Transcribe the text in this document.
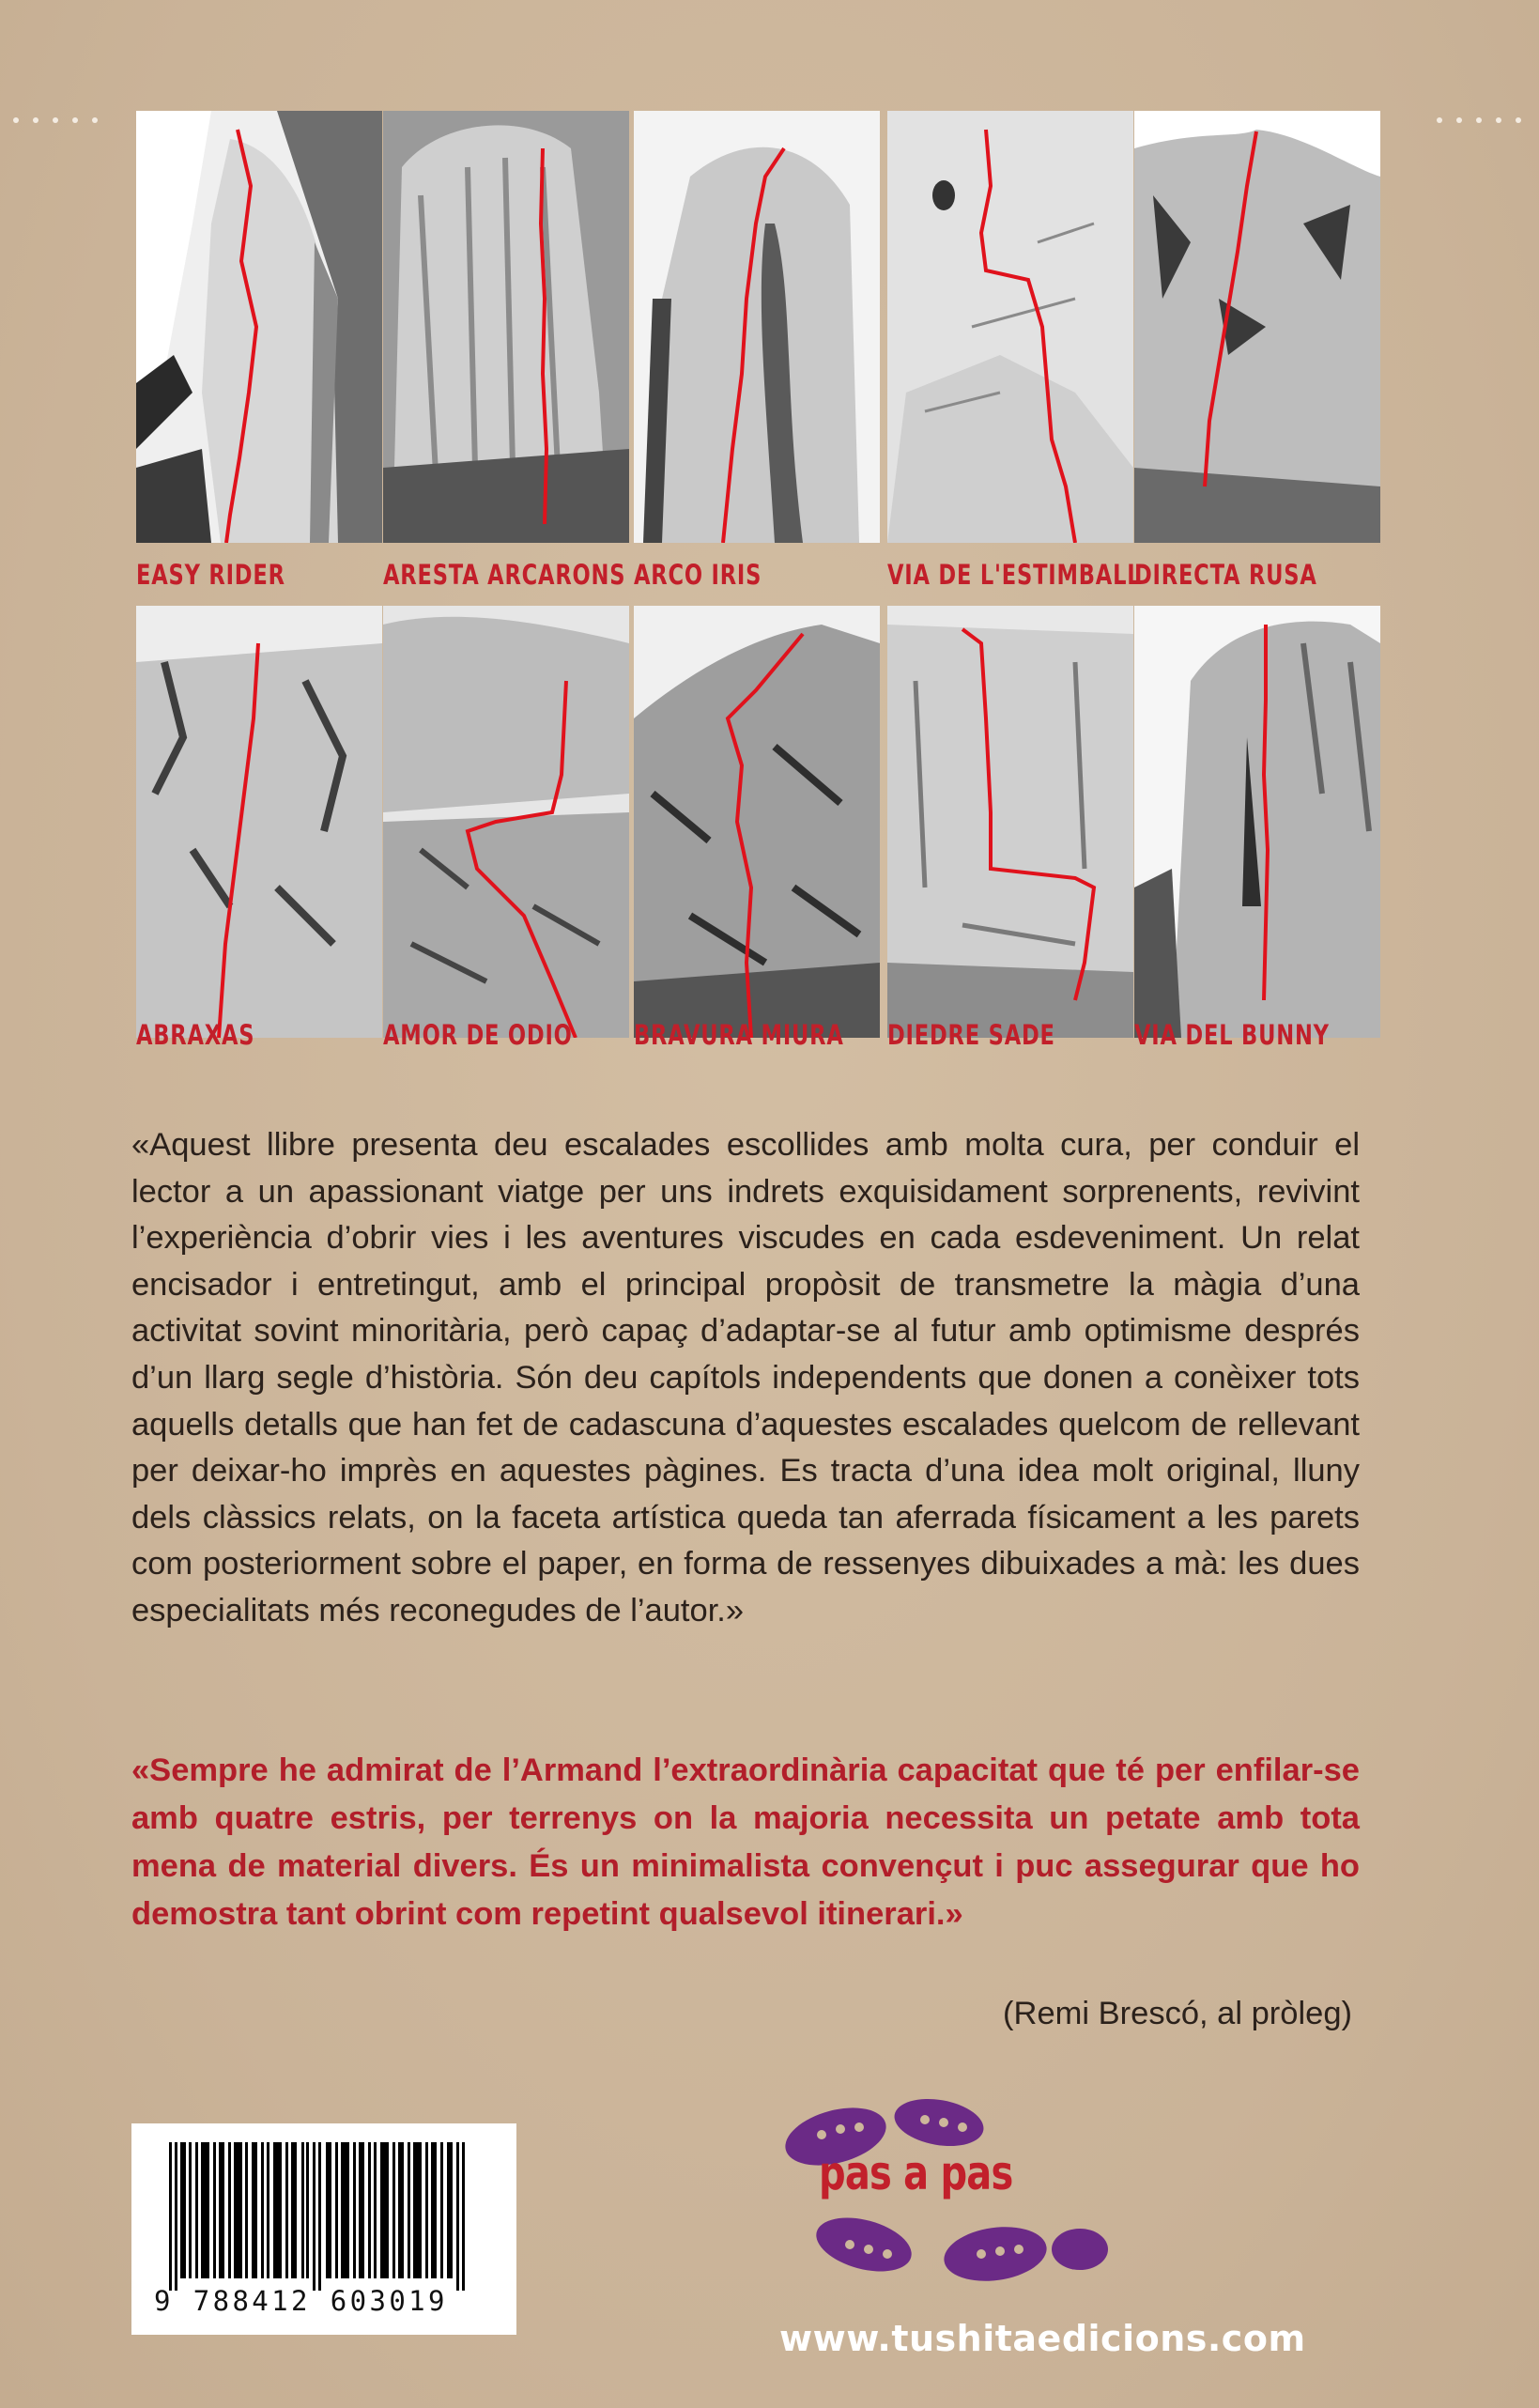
EASY RIDER	ARESTA ARCARONS ARCO IRIS	VIA DE L'ESTIMBALL
DIRECTA RUSA
ABRAXAS	AMOR DE ODIO BRAVURA MIURA DIEDRE SADE	VIA DEL BUNNY

«Aquest llibre presenta deu escalades escollides amb molta cura, per conduir el lector a un apassionant viatge per uns indrets exquisidament sorprenents, revivint l’experiència d’obrir vies i les aventures viscudes en cada esdeveniment. Un relat encisador i entretingut, amb el principal propòsit de transmetre la màgia d’una activitat sovint minoritària, però capaç d’adaptar-se al futur amb optimisme després d’un llarg segle d’història. Són deu capítols independents que donen a conèixer tots aquells detalls que han fet de cadascuna d’aquestes escalades quelcom de rellevant per deixar-ho imprès en aquestes pàgines. Es tracta d’una idea molt original, lluny dels clàssics relats, on la faceta artística queda tan aferrada físicament a les parets com posteriorment sobre el paper, en forma de ressenyes dibuixades a mà: les dues especialitats més reconegudes de l’autor.»

«Sempre he admirat de l’Armand l’extraordinària capacitat que té per enfilar-se amb quatre estris, per terrenys on la majoria necessita un petate amb tota mena de material divers. És un minimalista convençut i puc assegurar que ho demostra tant obrint com repetint qualsevol itinerari.»

(Remi Brescó, al pròleg)
9 788412 603019
pas a pas
www.tushitaedicions.com
